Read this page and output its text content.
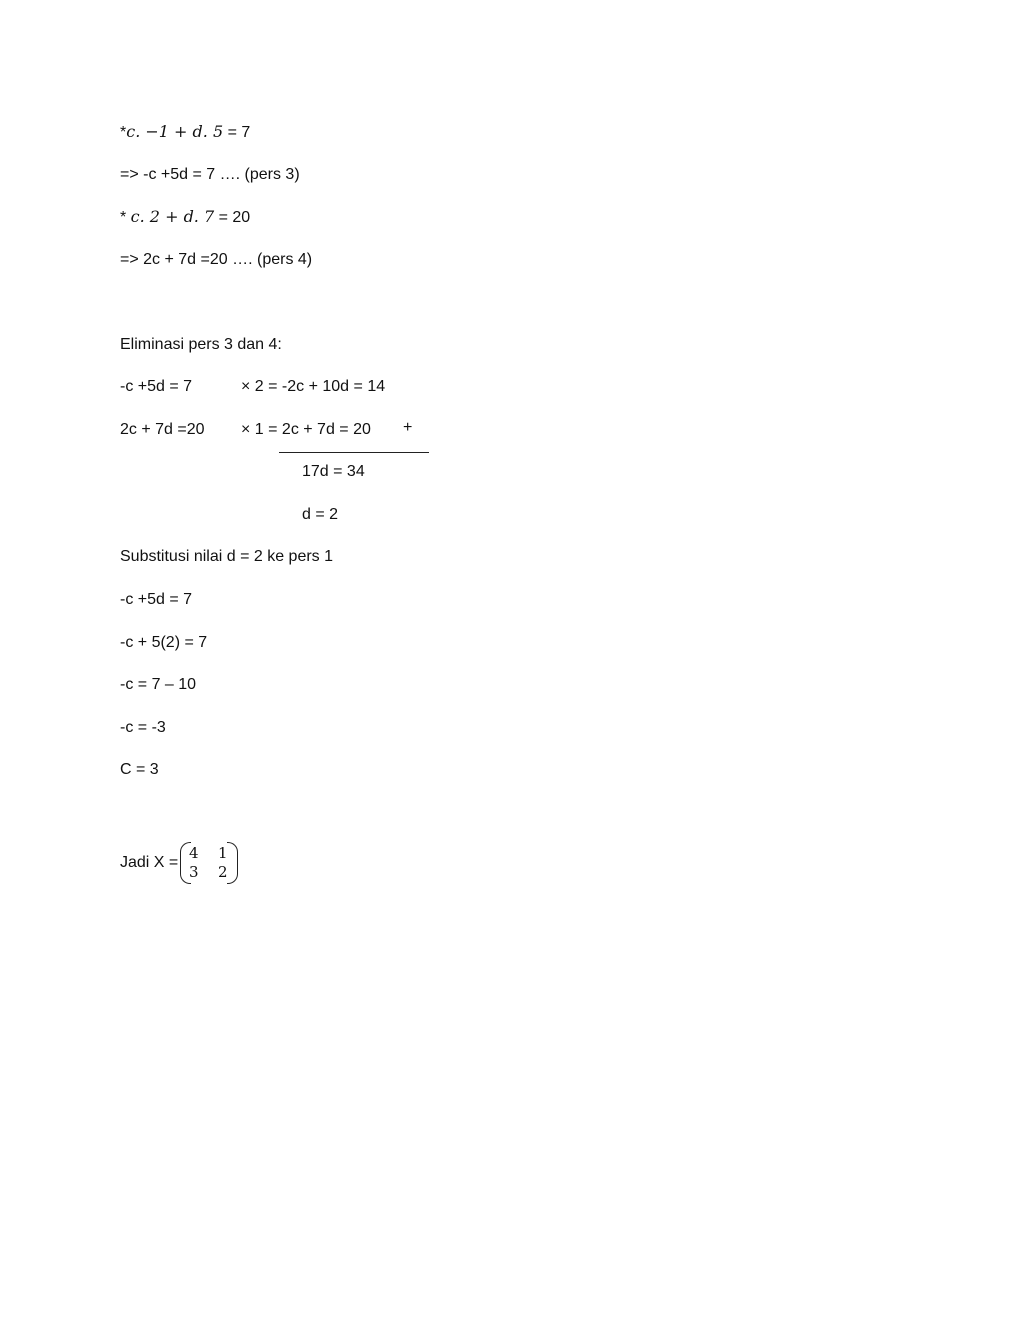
*c. −1 + d. 5 = 7
=> -c +5d = 7 …. (pers 3)
* c. 2 + d. 7 = 20
=> 2c + 7d =20 …. (pers 4)
Eliminasi pers 3 dan 4:
-c +5d = 7	× 2 = -2c + 10d = 14
2c + 7d =20 × 1 = 2c + 7d = 20 +
17d = 34
d = 2
Substitusi nilai d = 2 ke pers 1
-c +5d = 7
-c + 5(2) = 7
-c = 7 – 10
-c = -3
C = 3
Jadi X =
4 1
3 2
